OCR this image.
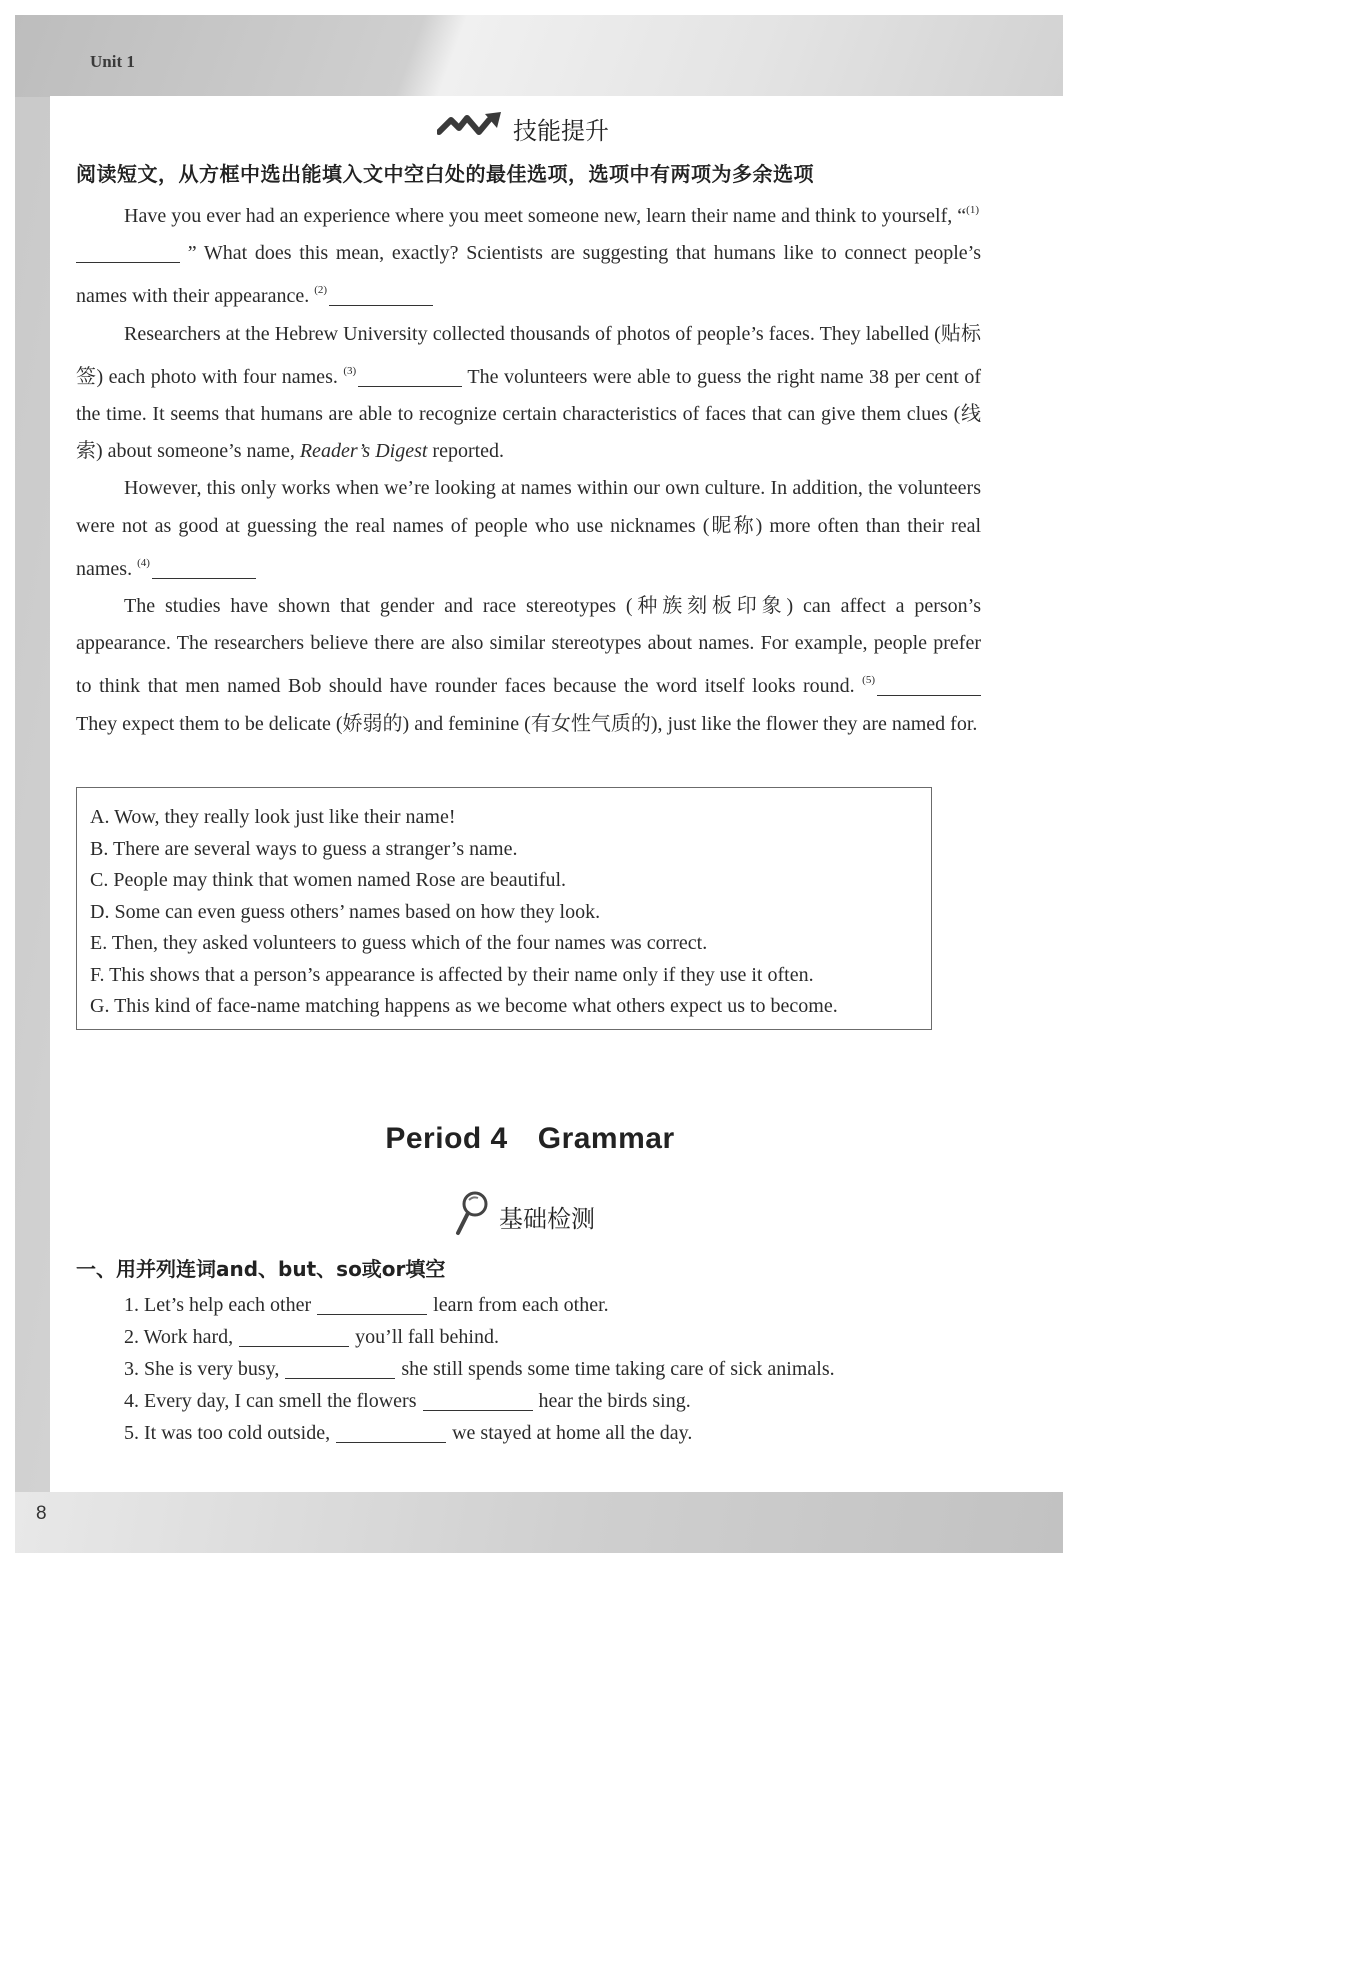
Unit 1
技能提升
阅读短文，从方框中选出能填入文中空白处的最佳选项，选项中有两项为多余选项

Have you ever had an experience where you meet someone new, learn their name and think to yourself, “$^{(1)}$ ” What does this mean, exactly? Scientists are suggesting that humans like to connect people’s names with their appearance. $^{(2)}$

Researchers at the Hebrew University collected thousands of photos of people’s faces. They labelled (贴标签) each photo with four names. $^{(3)}$	The volunteers were able to guess the right name 38 per cent of the time. It seems that humans are able to recognize certain characteristics of faces that can give them clues (线索) about someone’s name, Reader’s Digest reported.

However, this only works when we’re looking at names within our own culture. In addition, the volunteers were not as good at guessing the real names of people who use nicknames (昵称) more often than their real names. $^{(4)}$

The studies have shown that gender and race stereotypes (种族刻板印象) can affect a person’s appearance. The researchers believe there are also similar stereotypes about names. For example, people prefer to think that men named Bob should have rounder faces because the word itself looks round. $^{(5)}$ They expect them to be delicate (娇弱的) and feminine (有女性气质的), just like the flower they are named for.

A. Wow, they really look just like their name!
B. There are several ways to guess a stranger’s name.
C. People may think that women named Rose are beautiful.
D. Some can even guess others’ names based on how they look.
E. Then, they asked volunteers to guess which of the four names was correct.
F. This shows that a person’s appearance is affected by their name only if they use it often.
G. This kind of face-name matching happens as we become what others expect us to become.
Period 4 Grammar
基础检测
一、用并列连词and、but、so或or填空
1. Let’s help each other	learn from each other.
2. Work hard,	you’ll fall behind.
3. She is very busy,	she still spends some time taking care of sick animals.
4. Every day, I can smell the flowers	hear the birds sing.
5. It was too cold outside,	we stayed at home all the day.
8
